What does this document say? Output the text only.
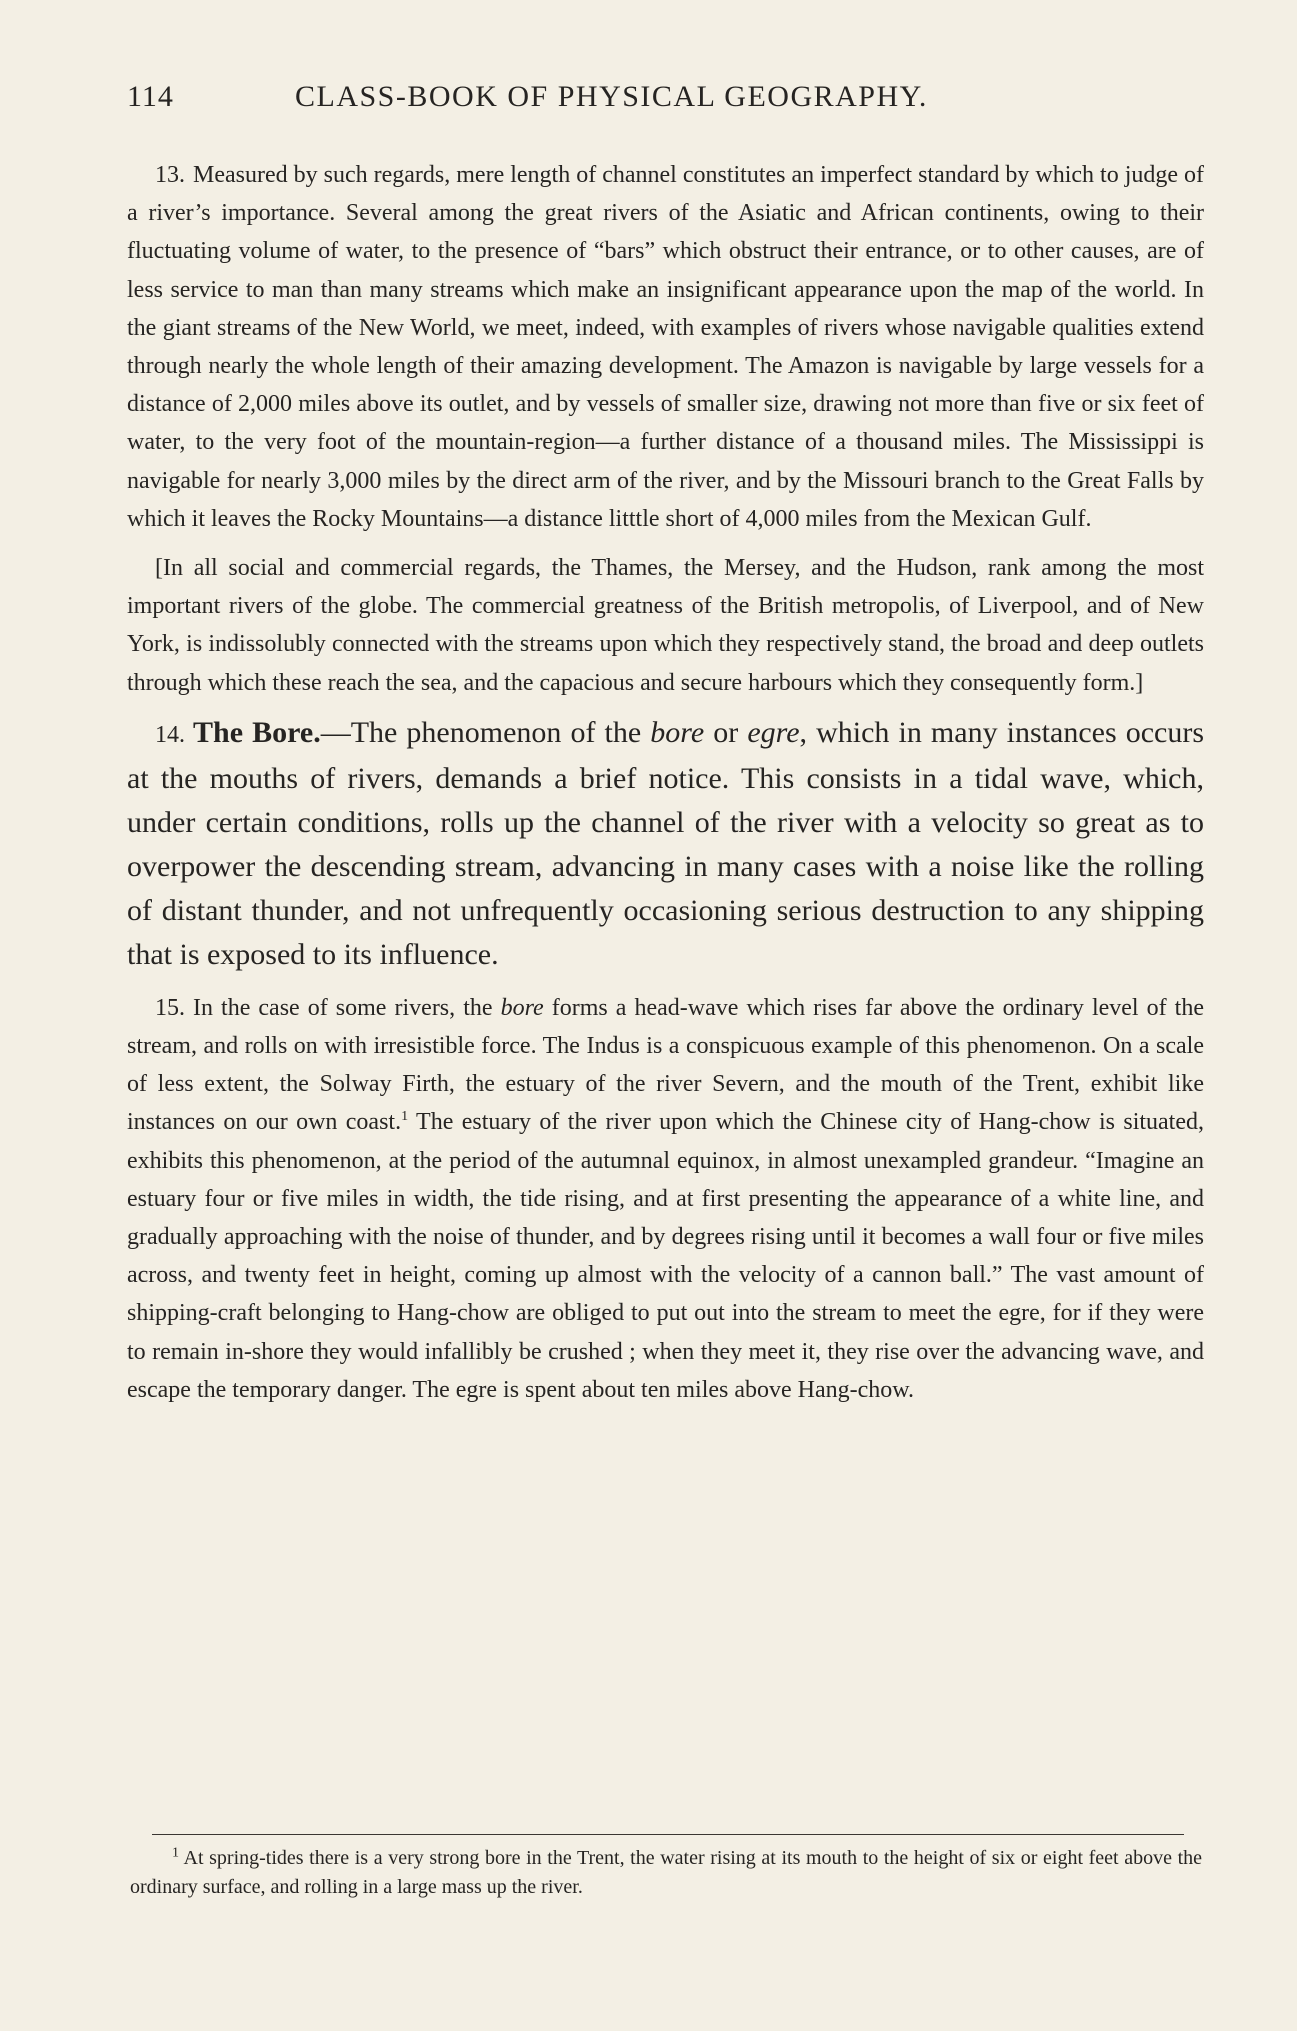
114	CLASS-BOOK OF PHYSICAL GEOGRAPHY.

13. Measured by such regards, mere length of channel constitutes an imperfect standard by which to judge of a river’s importance. Several among the great rivers of the Asiatic and African continents, owing to their fluctuating volume of water, to the presence of “bars” which obstruct their entrance, or to other causes, are of less service to man than many streams which make an insignificant appearance upon the map of the world. In the giant streams of the New World, we meet, indeed, with examples of rivers whose navigable qualities extend through nearly the whole length of their amazing development. The Amazon is navigable by large vessels for a distance of 2,000 miles above its outlet, and by vessels of smaller size, drawing not more than five or six feet of water, to the very foot of the mountain-region—a further distance of a thousand miles. The Mississippi is navigable for nearly 3,000 miles by the direct arm of the river, and by the Missouri branch to the Great Falls by which it leaves the Rocky Mountains—a distance litttle short of 4,000 miles from the Mexican Gulf.

[In all social and commercial regards, the Thames, the Mersey, and the Hudson, rank among the most important rivers of the globe. The commercial greatness of the British metropolis, of Liverpool, and of New York, is indissolubly connected with the streams upon which they respectively stand, the broad and deep outlets through which these reach the sea, and the capacious and secure harbours which they consequently form.]

14. The Bore.—The phenomenon of the bore or egre, which in many instances occurs at the mouths of rivers, demands a brief notice. This consists in a tidal wave, which, under certain conditions, rolls up the channel of the river with a velocity so great as to overpower the descending stream, advancing in many cases with a noise like the rolling of distant thunder, and not unfrequently occasioning serious destruction to any shipping that is exposed to its influence.

15. In the case of some rivers, the bore forms a head-wave which rises far above the ordinary level of the stream, and rolls on with irresistible force. The Indus is a conspicuous example of this phenomenon. On a scale of less extent, the Solway Firth, the estuary of the river Severn, and the mouth of the Trent, exhibit like instances on our own coast.$^1$ The estuary of the river upon which the Chinese city of Hang-chow is situated, exhibits this phenomenon, at the period of the autumnal equinox, in almost unexampled grandeur. “Imagine an estuary four or five miles in width, the tide rising, and at first presenting the appearance of a white line, and gradually approaching with the noise of thunder, and by degrees rising until it becomes a wall four or five miles across, and twenty feet in height, coming up almost with the velocity of a cannon ball.” The vast amount of shipping-craft belonging to Hang-chow are obliged to put out into the stream to meet the egre, for if they were to remain in-shore they would infallibly be crushed ; when they meet it, they rise over the advancing wave, and escape the temporary danger. The egre is spent about ten miles above Hang-chow.

$^1$ At spring-tides there is a very strong bore in the Trent, the water rising at its mouth to the height of six or eight feet above the ordinary surface, and rolling in a large mass up the river.
